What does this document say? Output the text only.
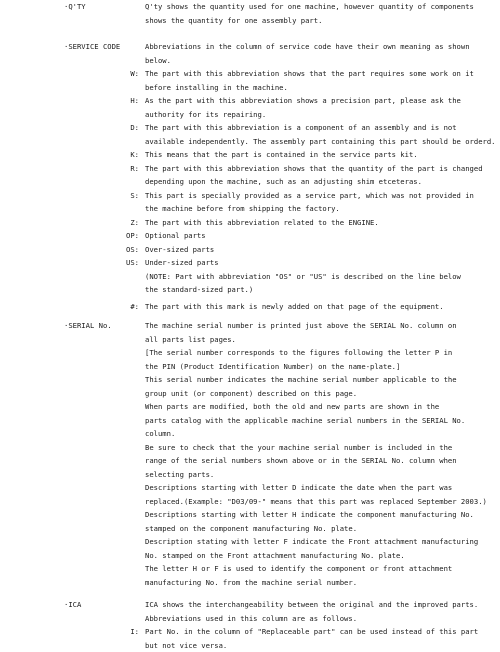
·Q'TY	Q'ty shows the quantity used for one machine, however quantity of components
shows the quantity for one assembly part.
·SERVICE CODE	Abbreviations in the column of service code have their own meaning as shown
below.
W: The part with this abbreviation shows that the part requires some work on it
before installing in the machine.
H: As the part with this abbreviation shows a precision part, please ask the
authority for its repairing.
D: The part with this abbreviation is a component of an assembly and is not
available independently. The assembly part containing this part should be orderd.
K: This means that the part is contained in the service parts kit.
R: The part with this abbreviation shows that the quantity of the part is changed
depending upon the machine, such as an adjusting shim etceteras.
S: This part is specially provided as a service part, which was not provided in
the machine before from shipping the factory.
Z: The part with this abbreviation related to the ENGINE.
OP: Optional parts
OS: Over-sized parts
US: Under-sized parts
(NOTE: Part with abbreviation "OS" or "US" is described on the line below
the standard-sized part.)
#: The part with this mark is newly added on that page of the equipment.
·SERIAL No.	The machine serial number is printed just above the SERIAL No. column on
all parts list pages.
[The serial number corresponds to the figures following the letter P in
the PIN (Product Identification Number) on the name-plate.]
This serial number indicates the machine serial number applicable to the
group unit (or component) described on this page.
When parts are modified, both the old and new parts are shown in the
parts catalog with the applicable machine serial numbers in the SERIAL No.
column.
Be sure to check that the your machine serial number is included in the
range of the serial numbers shown above or in the SERIAL No. column when
selecting parts.
Descriptions starting with letter D indicate the date when the part was
replaced.(Example: "D03/09-" means that this part was replaced September 2003.)
Descriptions starting with letter H indicate the component manufacturing No.
stamped on the component manufacturing No. plate.
Description stating with letter F indicate the Front attachment manufacturing
No. stamped on the Front attachment manufacturing No. plate.
The letter H or F is used to identify the component or front attachment
manufacturing No. from the machine serial number.
·ICA	ICA shows the interchangeability between the original and the improved parts.
Abbreviations used in this column are as follows.
I: Part No. in the column of "Replaceable part" can be used instead of this part
but not vice versa.
